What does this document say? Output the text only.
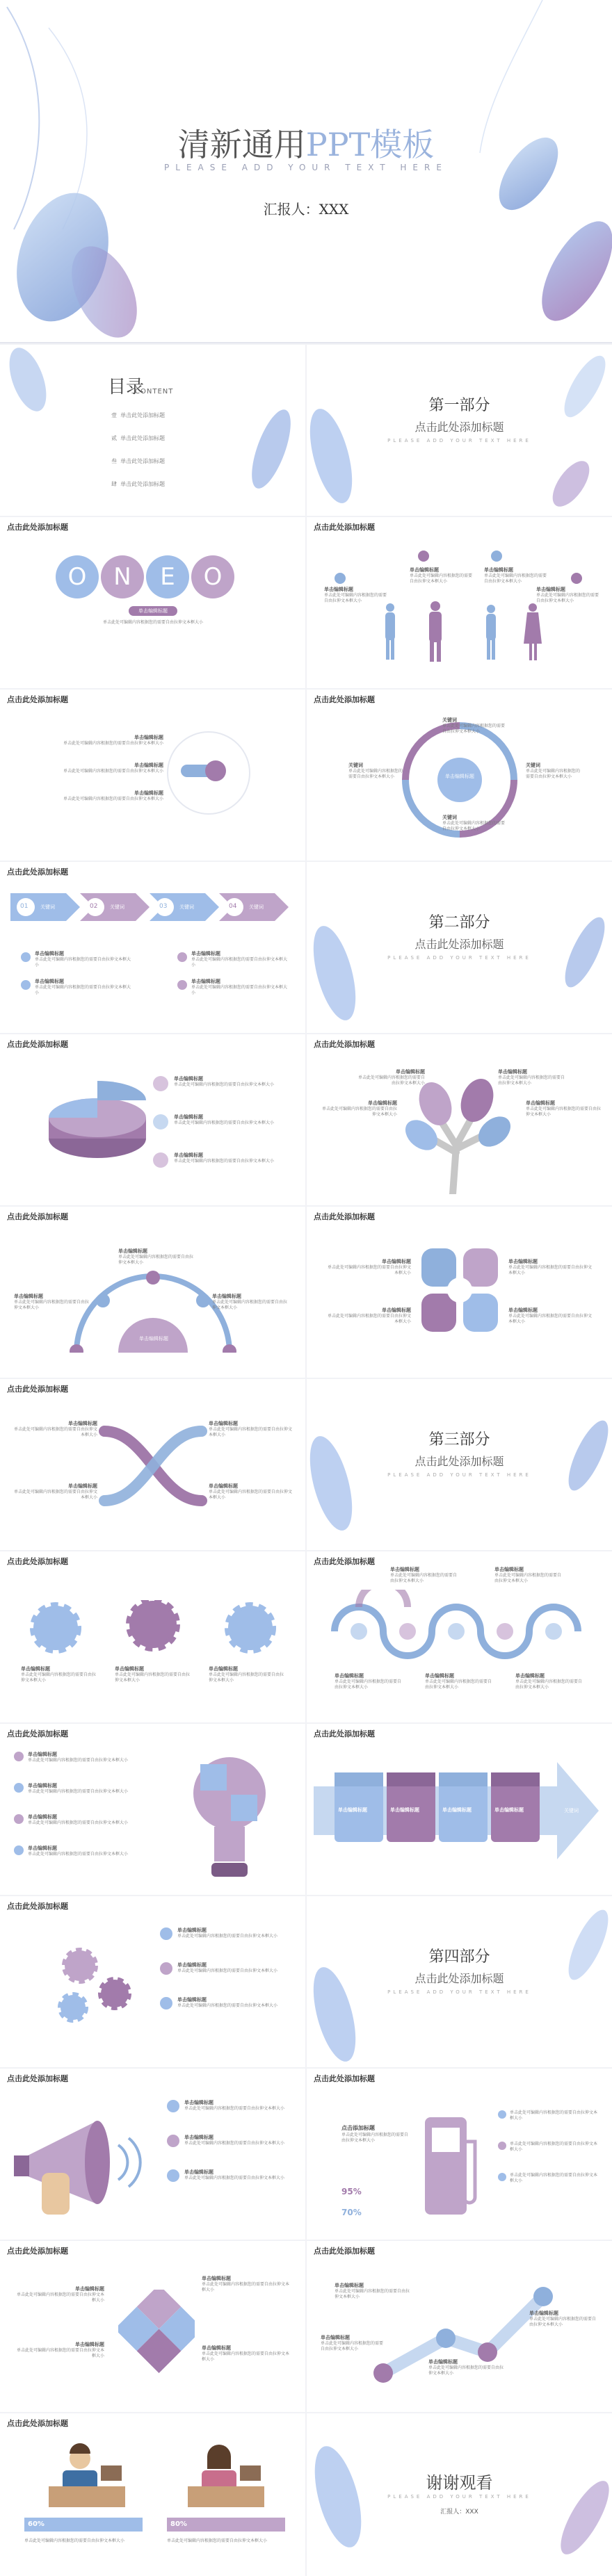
清新通用PPT模板
PLEASE ADD YOUR TEXT HERE
汇报人：XXX
目录
CONTENT
壹 单击此处添加标题
贰 单击此处添加标题
叁 单击此处添加标题
肆 单击此处添加标题
第一部分
点击此处添加标题
PLEASE ADD YOUR TEXT HERE
点击此处添加标题
O	N	E	O
单击编辑标题
单击此处可编辑内容根据您的需要自由拉伸文本框大小
点击此处添加标题
单击编辑标题
单击此处可编辑内容根据您的需要自由拉伸文本框大小
单击编辑标题
单击此处可编辑内容根据您的需要自由拉伸文本框大小
单击编辑标题
单击此处可编辑内容根据您的需要自由拉伸文本框大小
单击编辑标题
单击此处可编辑内容根据您的需要自由拉伸文本框大小
点击此处添加标题
单击编辑标题
单击此处可编辑内容根据您的需要自由拉伸文本框大小
单击编辑标题
单击此处可编辑内容根据您的需要自由拉伸文本框大小
单击编辑标题
单击此处可编辑内容根据您的需要自由拉伸文本框大小
点击此处添加标题
单击编辑标题
关键词
单击此处可编辑内容根据您的需要自由拉伸文本框大小
关键词
单击此处可编辑内容根据您的需要自由拉伸文本框大小
关键词
单击此处可编辑内容根据您的需要自由拉伸文本框大小
关键词
单击此处可编辑内容根据您的需要自由拉伸文本框大小
点击此处添加标题
01	02	03	04
关键词	关键词	关键词	关键词
单击编辑标题
单击此处可编辑内容根据您的需要自由拉伸文本框大小
单击编辑标题
单击此处可编辑内容根据您的需要自由拉伸文本框大小
单击编辑标题
单击此处可编辑内容根据您的需要自由拉伸文本框大小
单击编辑标题
单击此处可编辑内容根据您的需要自由拉伸文本框大小
第二部分
点击此处添加标题
PLEASE ADD YOUR TEXT HERE
点击此处添加标题
单击编辑标题
单击此处可编辑内容根据您的需要自由拉伸文本框大小
单击编辑标题
单击此处可编辑内容根据您的需要自由拉伸文本框大小
单击编辑标题
单击此处可编辑内容根据您的需要自由拉伸文本框大小
点击此处添加标题
单击编辑标题
单击此处可编辑内容根据您的需要自由拉伸文本框大小
单击编辑标题
单击此处可编辑内容根据您的需要自由拉伸文本框大小
单击编辑标题
单击此处可编辑内容根据您的需要自由拉伸文本框大小
单击编辑标题
单击此处可编辑内容根据您的需要自由拉伸文本框大小
点击此处添加标题
单击编辑标题
单击编辑标题
单击此处可编辑内容根据您的需要自由拉伸文本框大小
单击编辑标题
单击此处可编辑内容根据您的需要自由拉伸文本框大小
单击编辑标题
单击此处可编辑内容根据您的需要自由拉伸文本框大小
点击此处添加标题
单击编辑标题
单击此处可编辑内容根据您的需要自由拉伸文本框大小
单击编辑标题
单击此处可编辑内容根据您的需要自由拉伸文本框大小
单击编辑标题
单击此处可编辑内容根据您的需要自由拉伸文本框大小
单击编辑标题
单击此处可编辑内容根据您的需要自由拉伸文本框大小
点击此处添加标题
单击编辑标题
单击此处可编辑内容根据您的需要自由拉伸文本框大小
单击编辑标题
单击此处可编辑内容根据您的需要自由拉伸文本框大小
单击编辑标题
单击此处可编辑内容根据您的需要自由拉伸文本框大小
单击编辑标题
单击此处可编辑内容根据您的需要自由拉伸文本框大小
第三部分
点击此处添加标题
PLEASE ADD YOUR TEXT HERE
点击此处添加标题
单击编辑标题
单击此处可编辑内容根据您的需要自由拉伸文本框大小
单击编辑标题
单击此处可编辑内容根据您的需要自由拉伸文本框大小
单击编辑标题
单击此处可编辑内容根据您的需要自由拉伸文本框大小
点击此处添加标题
单击编辑标题
单击此处可编辑内容根据您的需要自由拉伸文本框大小
单击编辑标题
单击此处可编辑内容根据您的需要自由拉伸文本框大小
单击编辑标题
单击此处可编辑内容根据您的需要自由拉伸文本框大小
单击编辑标题
单击此处可编辑内容根据您的需要自由拉伸文本框大小
单击编辑标题
单击此处可编辑内容根据您的需要自由拉伸文本框大小
点击此处添加标题
单击编辑标题
单击此处可编辑内容根据您的需要自由拉伸文本框大小
单击编辑标题
单击此处可编辑内容根据您的需要自由拉伸文本框大小
单击编辑标题
单击此处可编辑内容根据您的需要自由拉伸文本框大小
单击编辑标题
单击此处可编辑内容根据您的需要自由拉伸文本框大小
点击此处添加标题
单击编辑标题	单击编辑标题	单击编辑标题	单击编辑标题	关键词
点击此处添加标题
单击编辑标题
单击此处可编辑内容根据您的需要自由拉伸文本框大小
单击编辑标题
单击此处可编辑内容根据您的需要自由拉伸文本框大小
单击编辑标题
单击此处可编辑内容根据您的需要自由拉伸文本框大小
第四部分
点击此处添加标题
PLEASE ADD YOUR TEXT HERE
点击此处添加标题
单击编辑标题
单击此处可编辑内容根据您的需要自由拉伸文本框大小
单击编辑标题
单击此处可编辑内容根据您的需要自由拉伸文本框大小
单击编辑标题
单击此处可编辑内容根据您的需要自由拉伸文本框大小
点击此处添加标题
点击添加标题
单击此处可编辑内容根据您的需要自由拉伸文本框大小
95%
70%
单击此处可编辑内容根据您的需要自由拉伸文本框大小
单击此处可编辑内容根据您的需要自由拉伸文本框大小
单击此处可编辑内容根据您的需要自由拉伸文本框大小
点击此处添加标题
单击编辑标题
单击此处可编辑内容根据您的需要自由拉伸文本框大小
单击编辑标题
单击此处可编辑内容根据您的需要自由拉伸文本框大小
单击编辑标题
单击此处可编辑内容根据您的需要自由拉伸文本框大小
单击编辑标题
单击此处可编辑内容根据您的需要自由拉伸文本框大小
点击此处添加标题
单击编辑标题
单击此处可编辑内容根据您的需要自由拉伸文本框大小
单击编辑标题
单击此处可编辑内容根据您的需要自由拉伸文本框大小
单击编辑标题
单击此处可编辑内容根据您的需要自由拉伸文本框大小
单击编辑标题
单击此处可编辑内容根据您的需要自由拉伸文本框大小
点击此处添加标题
60%	80%
单击此处可编辑内容根据您的需要自由拉伸文本框大小	单击此处可编辑内容根据您的需要自由拉伸文本框大小
谢谢观看
PLEASE ADD YOUR TEXT HERE
汇报人：XXX
